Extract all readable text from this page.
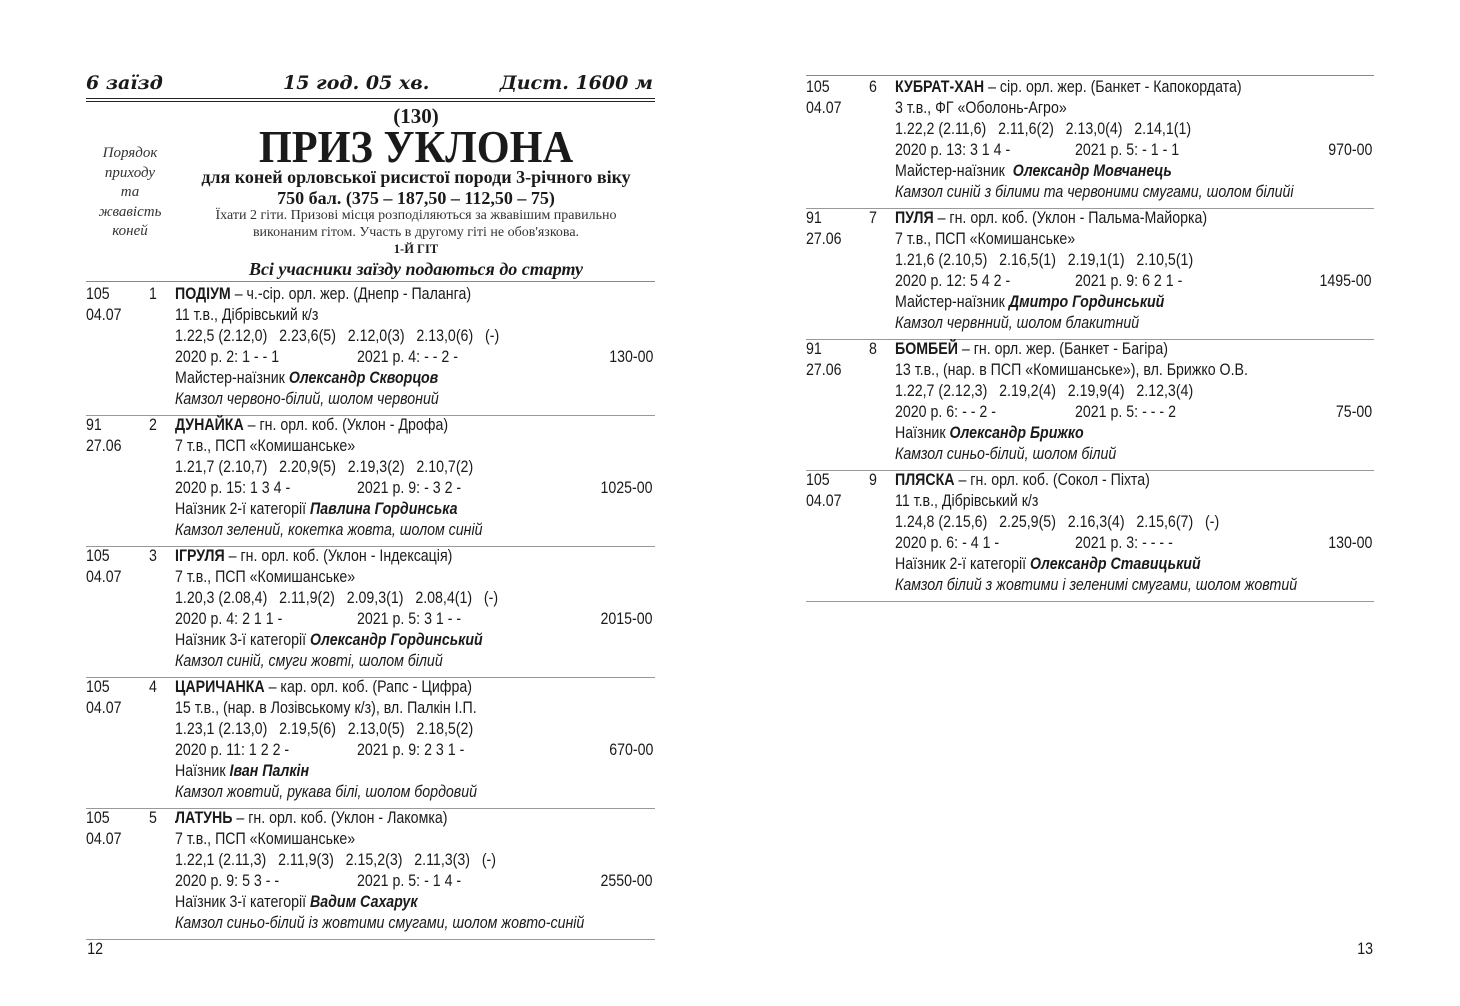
6 заїзд	15 год. 05 хв.	Дист. 1600 м
Порядок
приходу
та
жвавість
коней
(130)
ПРИЗ УКЛОНА
для коней орловської рисистої породи 3-річного віку
750 бал. (375 – 187,50 – 112,50 – 75)
Їхати 2 гіти. Призові місця розподіляються за жвавішим правильно
виконаним гітом. Участь в другому гіті не обов'язкова.
1-Й ГІТ
Всі учасники заїзду подаються до старту
105
04.07
1 ПОДІУМ – ч.-сір. орл. жер. (Днепр - Паланга)
11 т.в., Дібрівський к/з
1.22,5 (2.12,0)   2.23,6(5)   2.12,0(3)   2.13,0(6)   (-)
2020 р. 2: 1 - - 1	2021 р. 4: - - 2 -	130-00
Майстер-наїзник Олександр Скворцов
Камзол червоно-білий, шолом червоний
91
27.06
2 ДУНАЙКА – гн. орл. коб. (Уклон - Дрофа)
7 т.в., ПСП «Комишанське»
1.21,7 (2.10,7)   2.20,9(5)   2.19,3(2)   2.10,7(2)
2020 р. 15: 1 3 4 -	2021 р. 9: - 3 2 -	1025-00
Наїзник 2-ї категорії Павлина Гординська
Камзол зелений, кокетка жовта, шолом синій
105
04.07
3 ІГРУЛЯ – гн. орл. коб. (Уклон - Індексація)
7 т.в., ПСП «Комишанське»
1.20,3 (2.08,4)   2.11,9(2)   2.09,3(1)   2.08,4(1)   (-)
2020 р. 4: 2 1 1 -	2021 р. 5: 3 1 - -	2015-00
Наїзник 3-ї категорії Олександр Гординський
Камзол синій, смуги жовті, шолом білий
105
04.07
4 ЦАРИЧАНКА – кар. орл. коб. (Рапс - Цифра)
15 т.в., (нар. в Лозівському к/з), вл. Палкін І.П.
1.23,1 (2.13,0)   2.19,5(6)   2.13,0(5)   2.18,5(2)
2020 р. 11: 1 2 2 -	2021 р. 9: 2 3 1 -	670-00
Наїзник Іван Палкін
Камзол жовтий, рукава білі, шолом бордовий
105
04.07
5 ЛАТУНЬ – гн. орл. коб. (Уклон - Лакомка)
7 т.в., ПСП «Комишанське»
1.22,1 (2.11,3)   2.11,9(3)   2.15,2(3)   2.11,3(3)   (-)
2020 р. 9: 5 3 - -	2021 р. 5: - 1 4 -	2550-00
Наїзник 3-ї категорії Вадим Сахарук
Камзол синьо-білий із жовтими смугами, шолом жовто-синій
12
105
04.07
6 КУБРАТ-ХАН – сір. орл. жер. (Банкет - Капокордата)
3 т.в., ФГ «Оболонь-Агро»
1.22,2 (2.11,6)   2.11,6(2)   2.13,0(4)   2.14,1(1)
2020 р. 13: 3 1 4 -	2021 р. 5: - 1 - 1	970-00
Майстер-наїзник  Олександр Мовчанець
Камзол синій з білими та червоними смугами, шолом білийі
91
27.06
7 ПУЛЯ – гн. орл. коб. (Уклон - Пальма-Майорка)
7 т.в., ПСП «Комишанське»
1.21,6 (2.10,5)   2.16,5(1)   2.19,1(1)   2.10,5(1)
2020 р. 12: 5 4 2 -	2021 р. 9: 6 2 1 -	1495-00
Майстер-наїзник Дмитро Гординський
Камзол червнний, шолом блакитний
91
27.06
8 БОМБЕЙ – гн. орл. жер. (Банкет - Багіра)
13 т.в., (нар. в ПСП «Комишанське»), вл. Брижко О.В.
1.22,7 (2.12,3)   2.19,2(4)   2.19,9(4)   2.12,3(4)
2020 р. 6: - - 2 -	2021 р. 5: - - - 2	75-00
Наїзник Олександр Брижко
Камзол синьо-білий, шолом білий
105
04.07
9 ПЛЯСКА – гн. орл. коб. (Сокол - Піхта)
11 т.в., Дібрівський к/з
1.24,8 (2.15,6)   2.25,9(5)   2.16,3(4)   2.15,6(7)   (-)
2020 р. 6: - 4 1 -	2021 р. 3: - - - -	130-00
Наїзник 2-ї категорії Олександр Ставицький
Камзол білий з жовтими і зеленимі смугами, шолом жовтий
13
